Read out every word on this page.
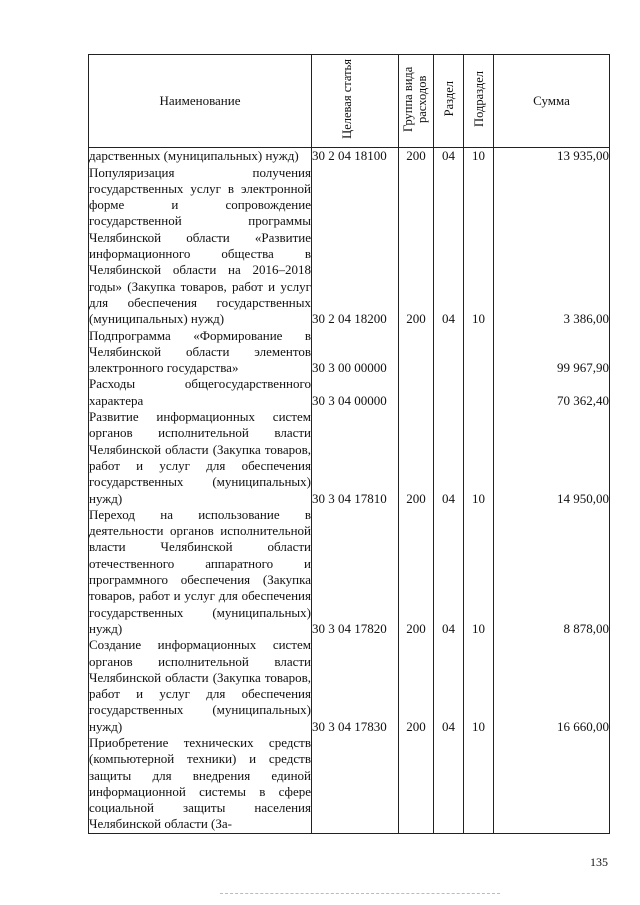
Наименование	Целевая статья	Группа вида расходов	Раздел	Подраздел	Сумма
дарственных (муниципальных) нужд)	30 2 04 18100	200	04	10	13 935,00
Популяризация получения государственных услуг в электронной форме и сопровождение государственной программы Челябинской области «Развитие информационного общества в Челябинской области на 2016–2018 годы» (Закупка товаров, работ и услуг для обеспечения государственных (муниципальных) нужд)	30 2 04 18200	200	04	10	3 386,00
Подпрограмма «Формирование в Челябинской области элементов электронного государства»	30 3 00 00000				99 967,90
Расходы общегосударственного характера	30 3 04 00000				70 362,40
Развитие информационных систем органов исполнительной власти Челябинской области (Закупка товаров, работ и услуг для обеспечения государственных (муниципальных) нужд)	30 3 04 17810	200	04	10	14 950,00
Переход на использование в деятельности органов исполнительной власти Челябинской области отечественного аппаратного и программного обеспечения (Закупка товаров, работ и услуг для обеспечения государственных (муниципальных) нужд)	30 3 04 17820	200	04	10	8 878,00
Создание информационных систем органов исполнительной власти Челябинской области (Закупка товаров, работ и услуг для обеспечения государственных (муниципальных) нужд)	30 3 04 17830	200	04	10	16 660,00
Приобретение технических средств (компьютерной техники) и средств защиты для внедрения единой информационной системы в сфере социальной защиты населения Челябинской области (За-					
135
